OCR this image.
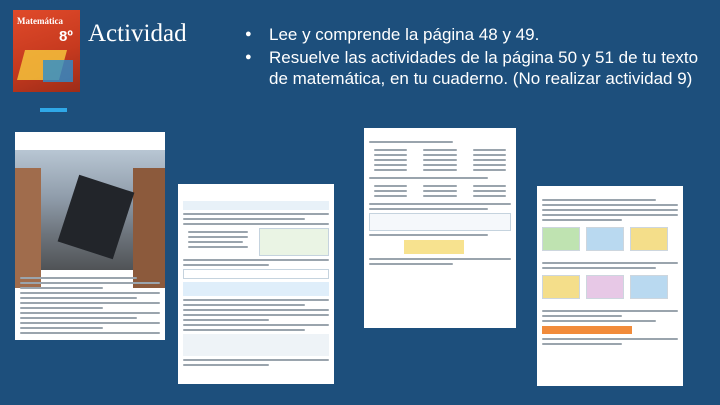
Matemática
8º Actividad	● Lee y comprende la página 48 y 49.
● Resuelve las actividades de la página 50 y 51 de tu texto de matemática, en tu cuaderno. (No realizar actividad 9)
